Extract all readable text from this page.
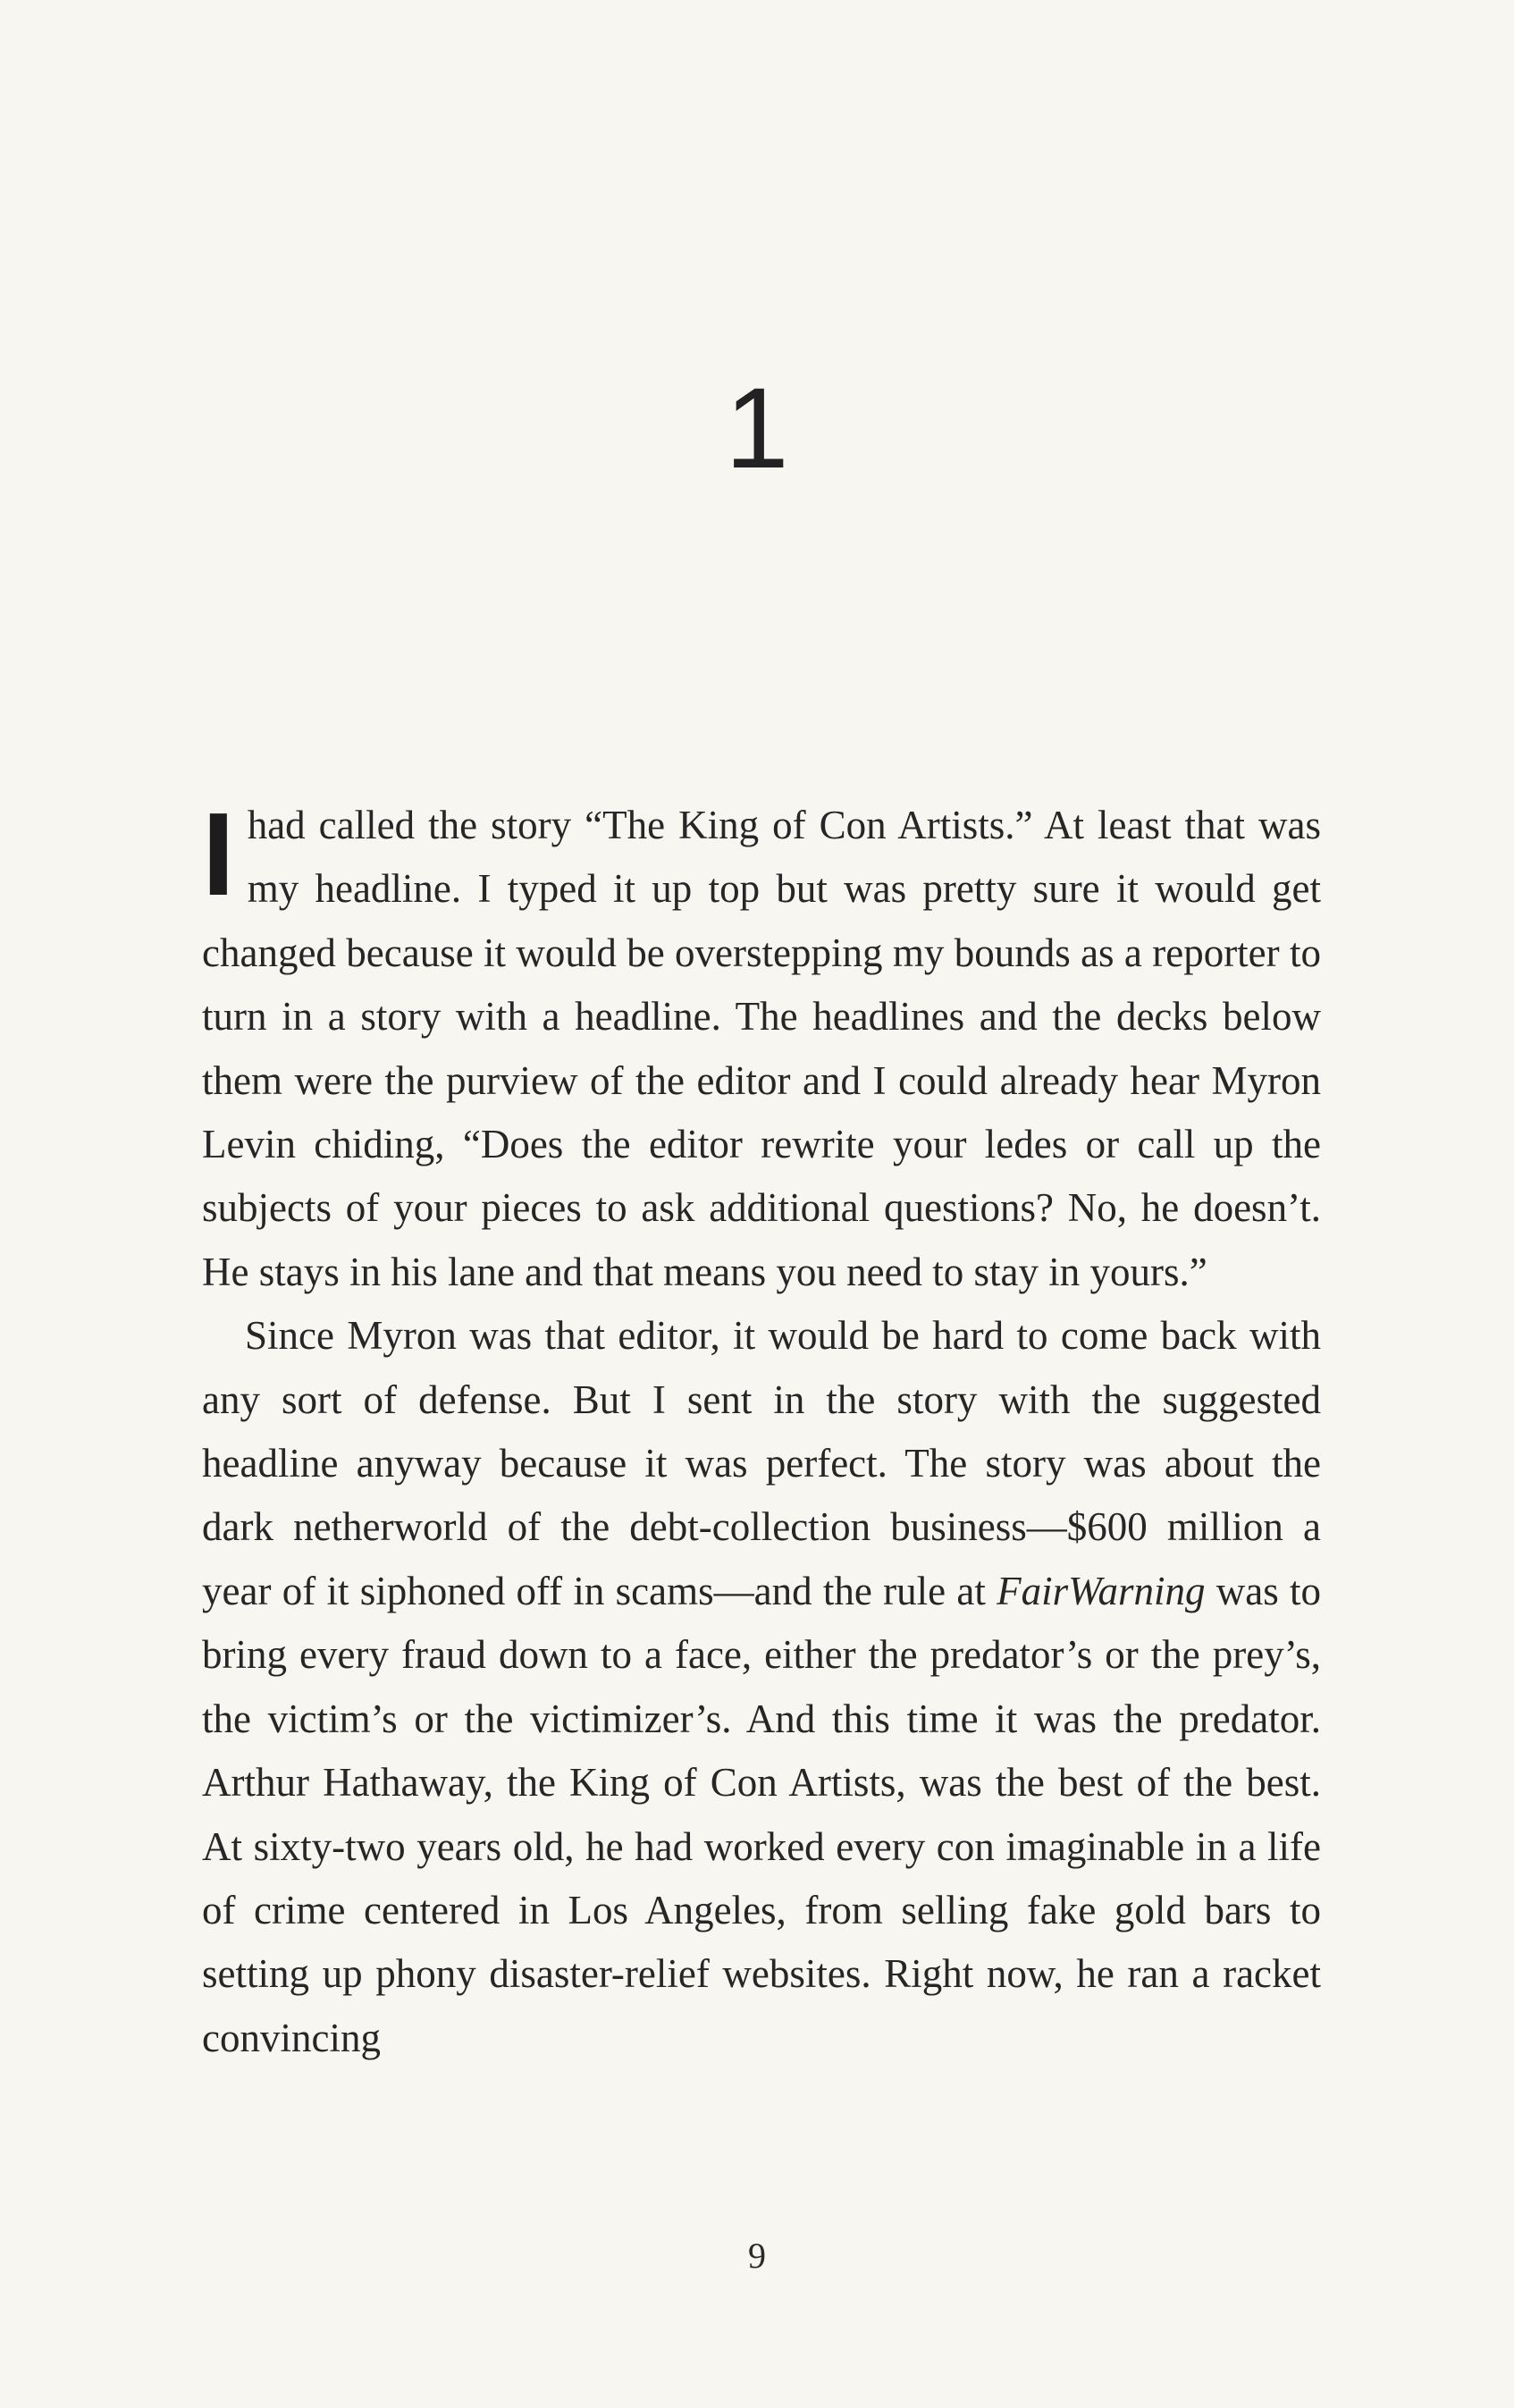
1

I had called the story “The King of Con Artists.” At least that was my headline. I typed it up top but was pretty sure it would get changed because it would be overstepping my bounds as a reporter to turn in a story with a headline. The headlines and the decks below them were the purview of the editor and I could already hear Myron Levin chiding, “Does the editor rewrite your ledes or call up the subjects of your pieces to ask additional questions? No, he doesn’t. He stays in his lane and that means you need to stay in yours.”

Since Myron was that editor, it would be hard to come back with any sort of defense. But I sent in the story with the suggested headline anyway because it was perfect. The story was about the dark netherworld of the debt-collection business—$600 million a year of it siphoned off in scams—and the rule at FairWarning was to bring every fraud down to a face, either the predator’s or the prey’s, the victim’s or the victimizer’s. And this time it was the predator. Arthur Hathaway, the King of Con Artists, was the best of the best. At sixty-two years old, he had worked every con imaginable in a life of crime centered in Los Angeles, from selling fake gold bars to setting up phony disaster-relief websites. Right now, he ran a racket convincing

9
